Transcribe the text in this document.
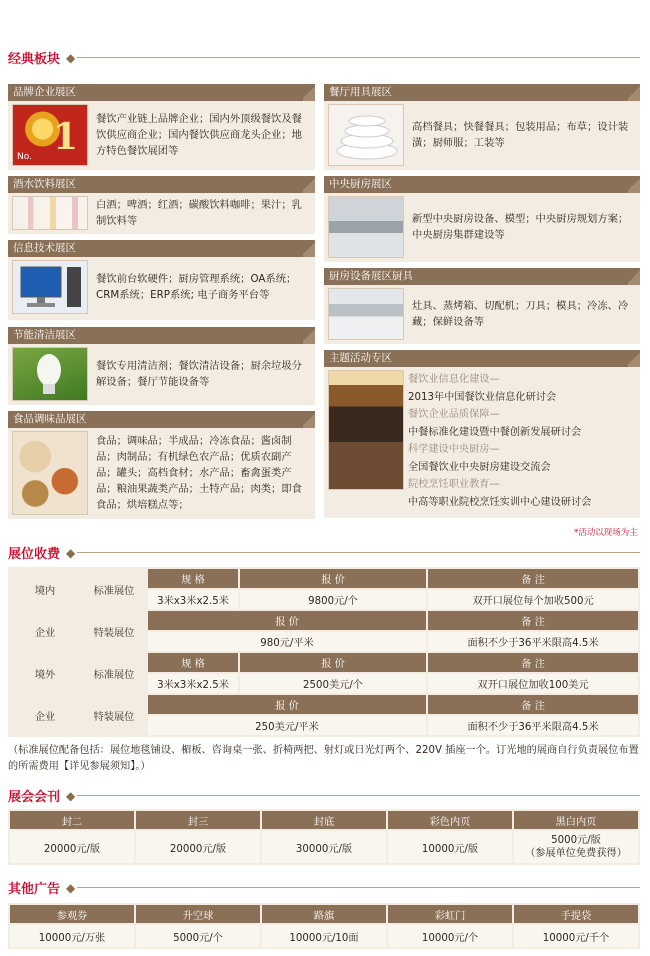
经典板块 ◆
品牌企业展区
1
No.
餐饮产业链上品牌企业；国内外顶级餐饮及餐饮供应商企业；国内餐饮供应商龙头企业；地方特色餐饮展团等
酒水饮料展区
白酒；啤酒；红酒；碳酸饮料咖啡；果汁；乳制饮料等
信息技术展区
餐饮前台软硬件；厨房管理系统；OA系统；CRM系统；ERP系统; 电子商务平台等
节能清洁展区
餐饮专用清洁剂；餐饮清洁设备；厨余垃圾分解设备；餐厅节能设备等
食品调味品展区
食品；调味品；半成品；冷冻食品；酱卤制品；肉制品；有机绿色农产品；优质农副产品；罐头；高档食材；水产品；畜禽蛋类产品；粮油果蔬类产品；土特产品；肉类；即食食品；烘培糕点等；
餐厅用具展区
高档餐具；快餐餐具；包装用品；布草；设计装潢；厨师服；工装等
中央厨房展区
新型中央厨房设备、模型；中央厨房规划方案；中央厨房集群建设等
厨房设备展区厨具
灶具、蒸烤箱、切配机；刀具；模具；冷冻、冷藏；保鲜设备等
主题活动专区
餐饮业信息化建设—
2013年中国餐饮业信息化研讨会
餐饮企业品质保障—
中餐标准化建设暨中餐创新发展研讨会
科学建设中央厨房—
全国餐饮业中央厨房建设交流会
院校烹饪职业教育—
中高等职业院校烹饪实训中心建设研讨会
*活动以现场为主
展位收费 ◆
境内	标准展位	规 格	报 价	备 注
		3米x3米x2.5米	9800元/个	双开口展位每个加收500元
企业	特装展位	报 价		备 注
		980元/平米		面积不少于36平米限高4.5米
境外	标准展位	规 格	报 价	备 注
		3米x3米x2.5米	2500美元/个	双开口展位加收100美元
企业	特装展位	报 价		备 注
		250美元/平米		面积不少于36平米限高4.5米
（标准展位配备包括：展位地毯铺设、楣板、咨询桌一张、折椅两把、射灯或日光灯两个、220V 插座一个。订光地的展商自行负责展位布置的所需费用【详见参展须知】。）
展会会刊 ◆
封二	封三	封底	彩色内页	黑白内页
20000元/版	20000元/版	30000元/版	10000元/版	5000元/版
（参展单位免费获得）
其他广告 ◆
参观券	升空球	路旗	彩虹门	手提袋
10000元/万张	5000元/个	10000元/10面	10000元/个	10000元/千个
